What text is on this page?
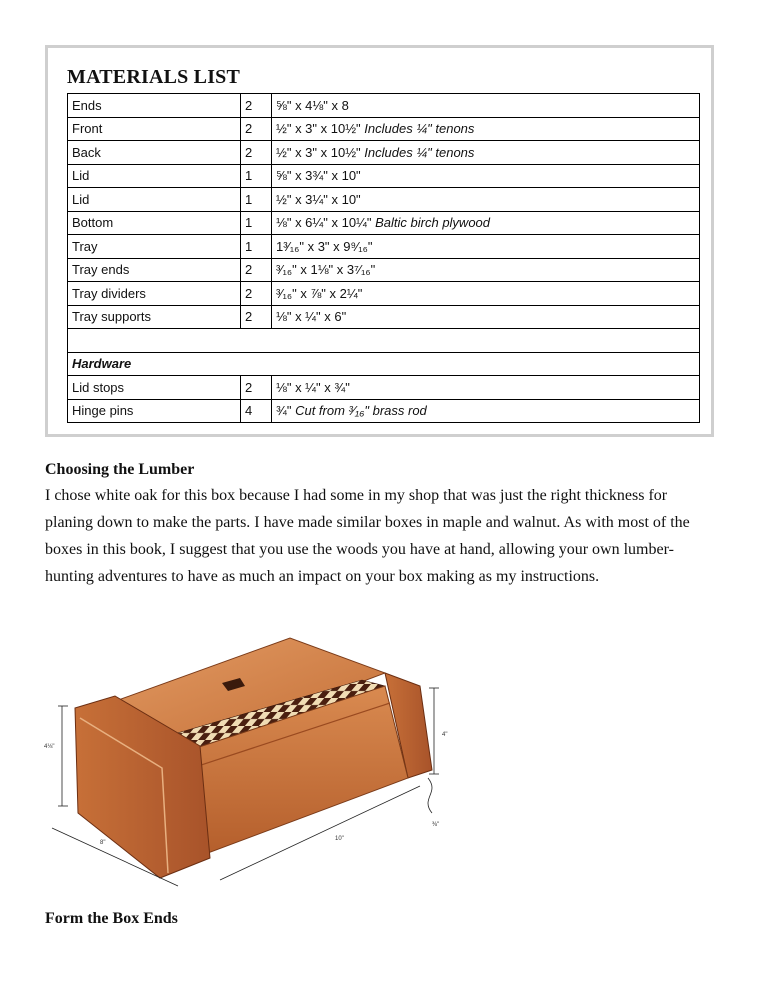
MATERIALS LIST
Ends	2	⅝" x 4⅛" x 8
Front	2	½" x 3" x 10½" Includes ¼" tenons
Back	2	½" x 3" x 10½" Includes ¼" tenons
Lid	1	⅝" x 3¾" x 10"
Lid	1	½" x 3¼" x 10"
Bottom	1	⅛" x 6¼" x 10¼" Baltic birch plywood
Tray	1	1³⁄₁₆" x 3" x 9⁹⁄₁₆"
Tray ends	2	³⁄₁₆" x 1⅛" x 3⁷⁄₁₆"
Tray dividers	2	³⁄₁₆" x ⅞" x 2¼"
Tray supports	2	⅛" x ¼" x 6"

Hardware		
Lid stops	2	⅛" x ¼" x ¾"
Hinge pins	4	¾" Cut from ³⁄₁₆" brass rod
Choosing the Lumber

I chose white oak for this box because I had some in my shop that was just the right thickness for planing down to make the parts. I have made similar boxes in maple and walnut. As with most of the boxes in this book, I suggest that you use the woods you have at hand, allowing your own lumber-hunting adventures to have as much an impact on your box making as my instructions.

4⅛"
4"
8"
10"
⅜"
Form the Box Ends
